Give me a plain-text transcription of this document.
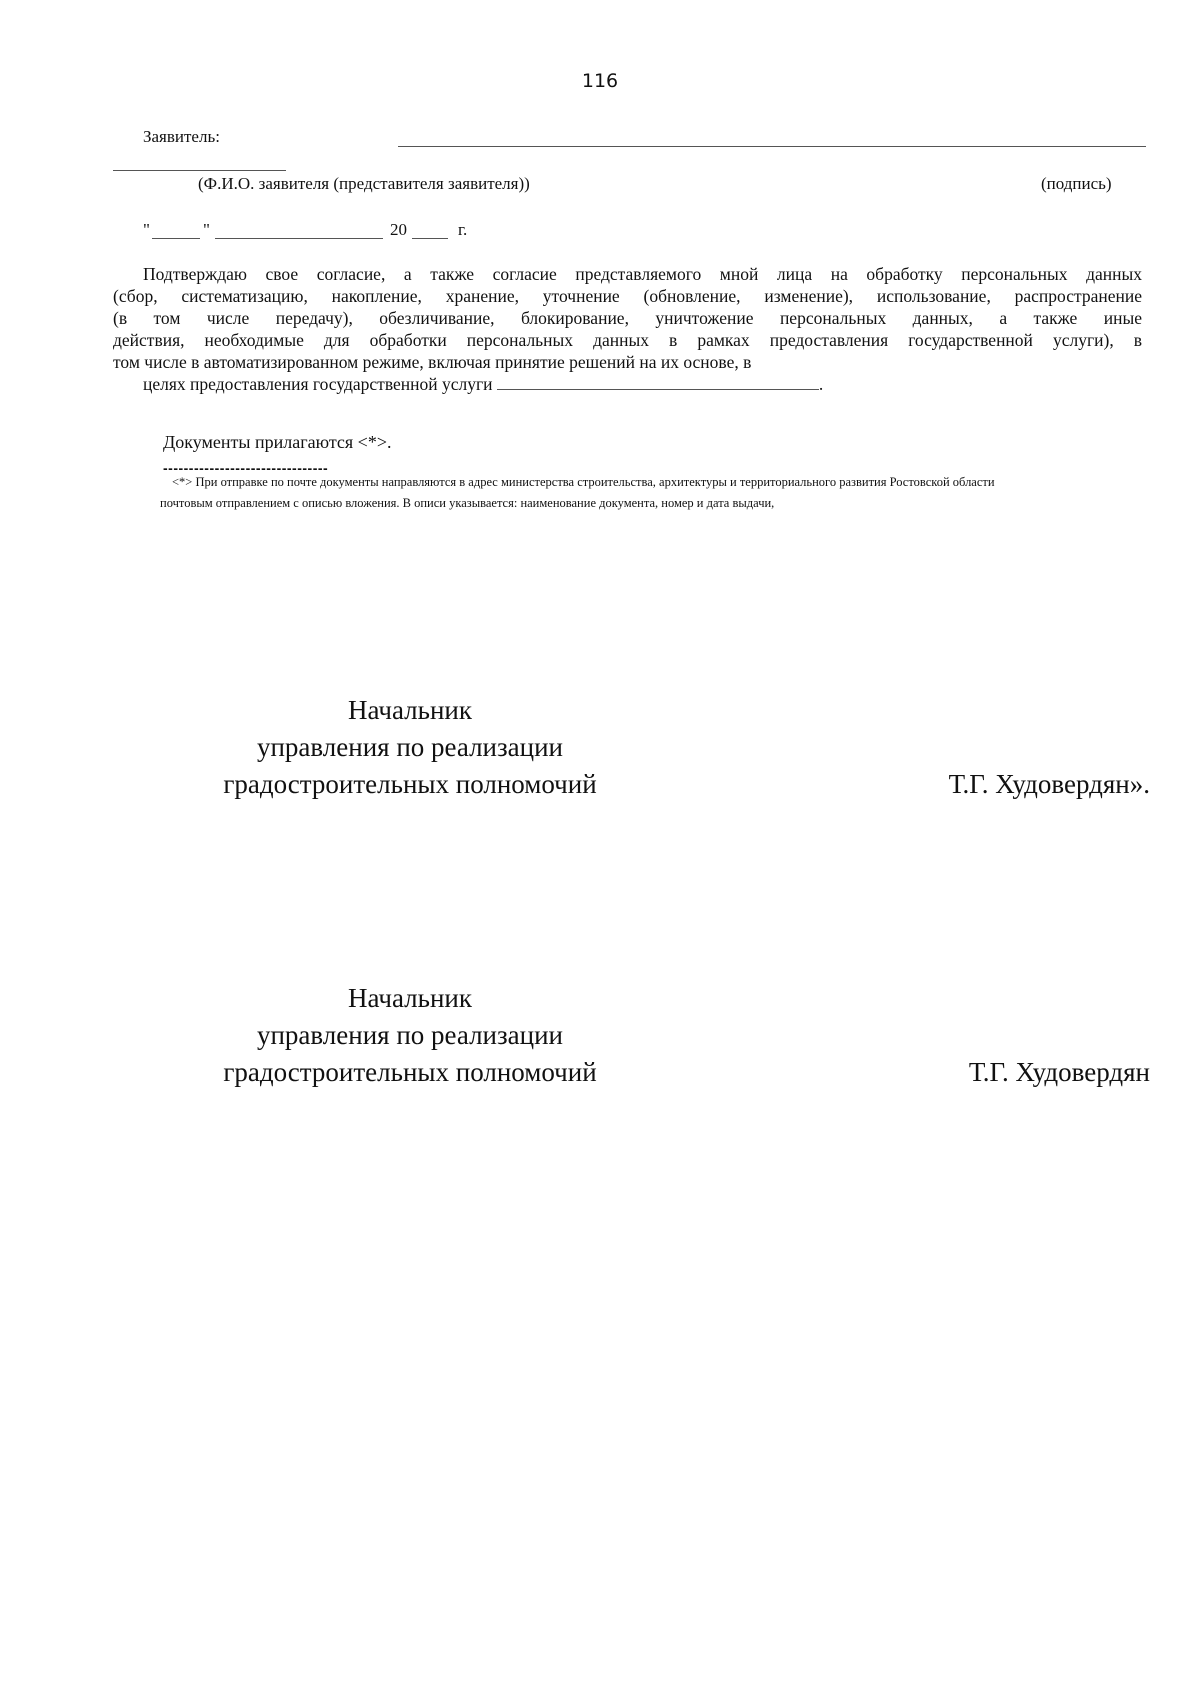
116
Заявитель:
(Ф.И.О. заявителя (представителя заявителя))	(подпись)
"	"	20	г.
Подтверждаю свое согласие, а также согласие представляемого мной лица на обработку персональных данных
(сбор, систематизацию, накопление, хранение, уточнение (обновление, изменение), использование, распространение
(в том числе передачу), обезличивание, блокирование, уничтожение персональных данных, а также иные
действия, необходимые для обработки персональных данных в рамках предоставления государственной услуги), в
том числе в автоматизированном режиме, включая принятие решений на их основе, в
целях предоставления государственной услуги	.
Документы прилагаются <*>.
--------------------------------
<*> При отправке по почте документы направляются в адрес министерства строительства, архитектуры и территориального развития Ростовской области
почтовым отправлением с описью вложения. В описи указывается: наименование документа, номер и дата выдачи,
Начальник
управления по реализации
градостроительных полномочий	Т.Г. Худовердян».
Начальник
управления по реализации
градостроительных полномочий	Т.Г. Худовердян
